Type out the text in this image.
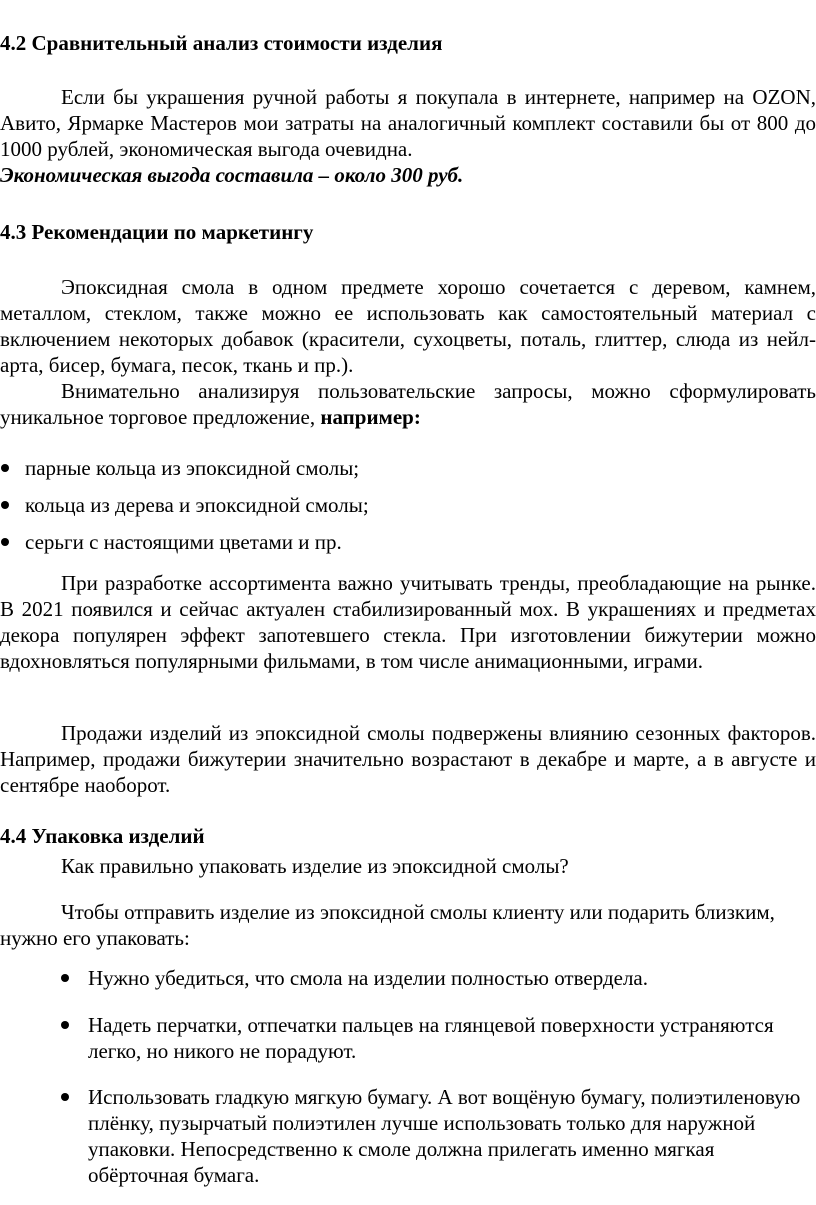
4.2 Сравнительный анализ стоимости изделия

Если бы украшения ручной работы я покупала в интернете, например на OZON, Авито, Ярмарке Мастеров мои затраты на аналогичный комплект составили бы от 800 до 1000 рублей, экономическая выгода очевидна.

Экономическая выгода составила – около 300 руб.
4.3 Рекомендации по маркетингу

Эпоксидная смола в одном предмете хорошо сочетается с деревом, камнем, металлом, стеклом, также можно ее использовать как самостоятельный материал с включением некоторых добавок (красители, сухоцветы, поталь, глиттер, слюда из нейл-арта, бисер, бумага, песок, ткань и пр.).

Внимательно анализируя пользовательские запросы, можно сформулировать уникальное торговое предложение, например:

парные кольца из эпоксидной смолы;
кольца из дерева и эпоксидной смолы;
серьги с настоящими цветами и пр.

При разработке ассортимента важно учитывать тренды, преобладающие на рынке. В 2021 появился и сейчас актуален стабилизированный мох. В украшениях и предметах декора популярен эффект запотевшего стекла. При изготовлении бижутерии можно вдохновляться популярными фильмами, в том числе анимационными, играми.

Продажи изделий из эпоксидной смолы подвержены влиянию сезонных факторов. Например, продажи бижутерии значительно возрастают в декабре и марте, а в августе и сентябре наоборот.

4.4 Упаковка изделий

Как правильно упаковать изделие из эпоксидной смолы?

Чтобы отправить изделие из эпоксидной смолы клиенту или подарить близким, нужно его упаковать:

Нужно убедиться, что смола на изделии полностью отвердела.
Надеть перчатки, отпечатки пальцев на глянцевой поверхности устраняются легко, но никого не порадуют.
Использовать гладкую мягкую бумагу. А вот вощёную бумагу, полиэтиленовую плёнку, пузырчатый полиэтилен лучше использовать только для наружной упаковки. Непосредственно к смоле должна прилегать именно мягкая обёрточная бумага.
